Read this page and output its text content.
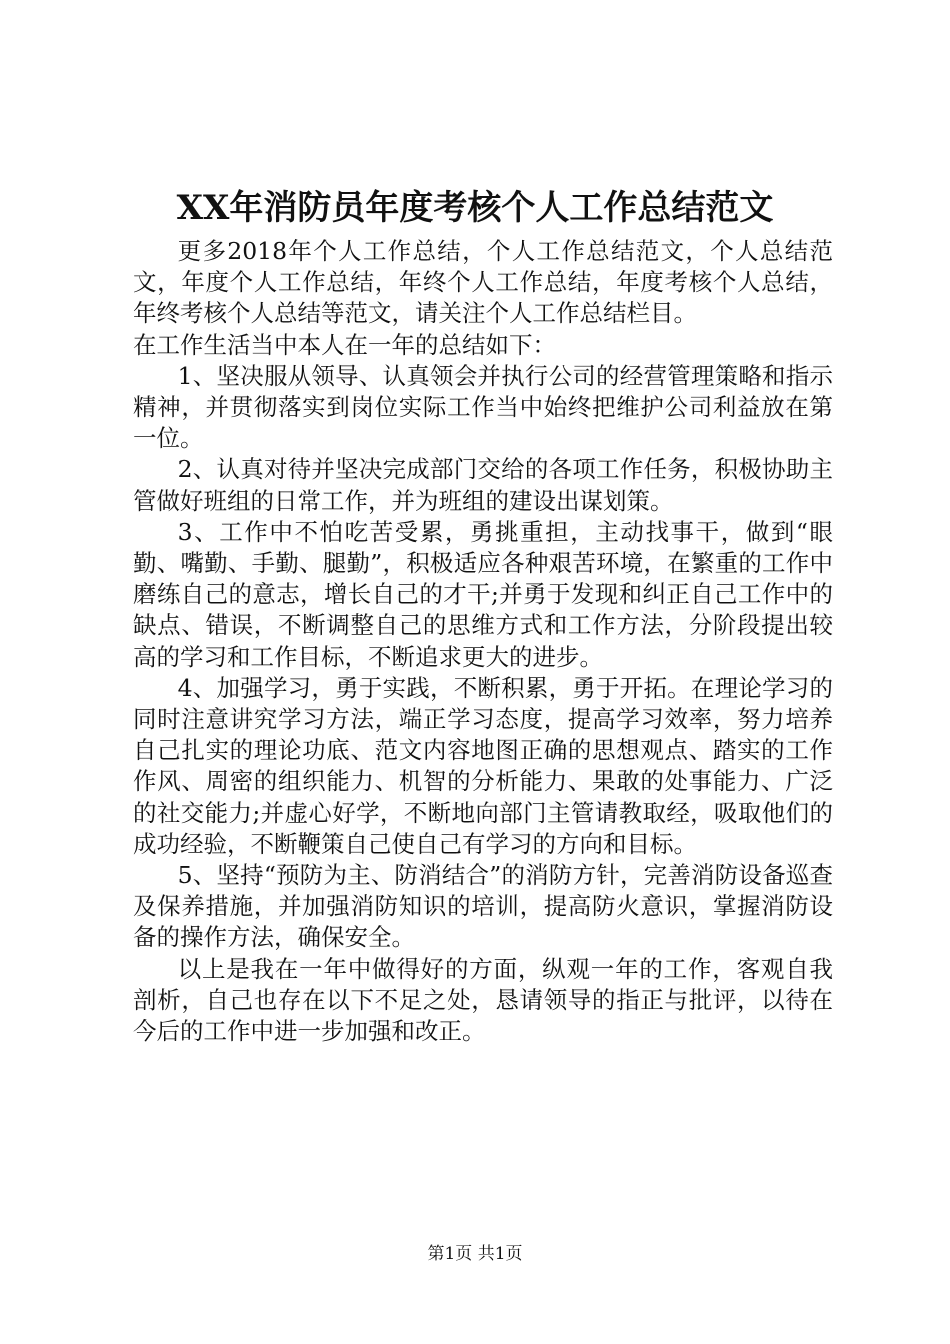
XX年消防员年度考核个人工作总结范文

更多2018年个人工作总结，个人工作总结范文，个人总结范文，年度个人工作总结，年终个人工作总结，年度考核个人总结，年终考核个人总结等范文，请关注个人工作总结栏目。

在工作生活当中本人在一年的总结如下：

1、坚决服从领导、认真领会并执行公司的经营管理策略和指示精神，并贯彻落实到岗位实际工作当中始终把维护公司利益放在第一位。

2、认真对待并坚决完成部门交给的各项工作任务，积极协助主管做好班组的日常工作，并为班组的建设出谋划策。

3、工作中不怕吃苦受累，勇挑重担，主动找事干，做到“眼勤、嘴勤、手勤、腿勤”，积极适应各种艰苦环境，在繁重的工作中磨练自己的意志，增长自己的才干;并勇于发现和纠正自己工作中的缺点、错误，不断调整自己的思维方式和工作方法，分阶段提出较高的学习和工作目标，不断追求更大的进步。

4、加强学习，勇于实践，不断积累，勇于开拓。在理论学习的同时注意讲究学习方法，端正学习态度，提高学习效率，努力培养自己扎实的理论功底、范文内容地图正确的思想观点、踏实的工作作风、周密的组织能力、机智的分析能力、果敢的处事能力、广泛的社交能力;并虚心好学，不断地向部门主管请教取经，吸取他们的成功经验，不断鞭策自己使自己有学习的方向和目标。

5、坚持“预防为主、防消结合”的消防方针，完善消防设备巡查及保养措施，并加强消防知识的培训，提高防火意识，掌握消防设备的操作方法，确保安全。

以上是我在一年中做得好的方面，纵观一年的工作，客观自我剖析，自己也存在以下不足之处，恳请领导的指正与批评，以待在今后的工作中进一步加强和改正。

第1页 共1页
